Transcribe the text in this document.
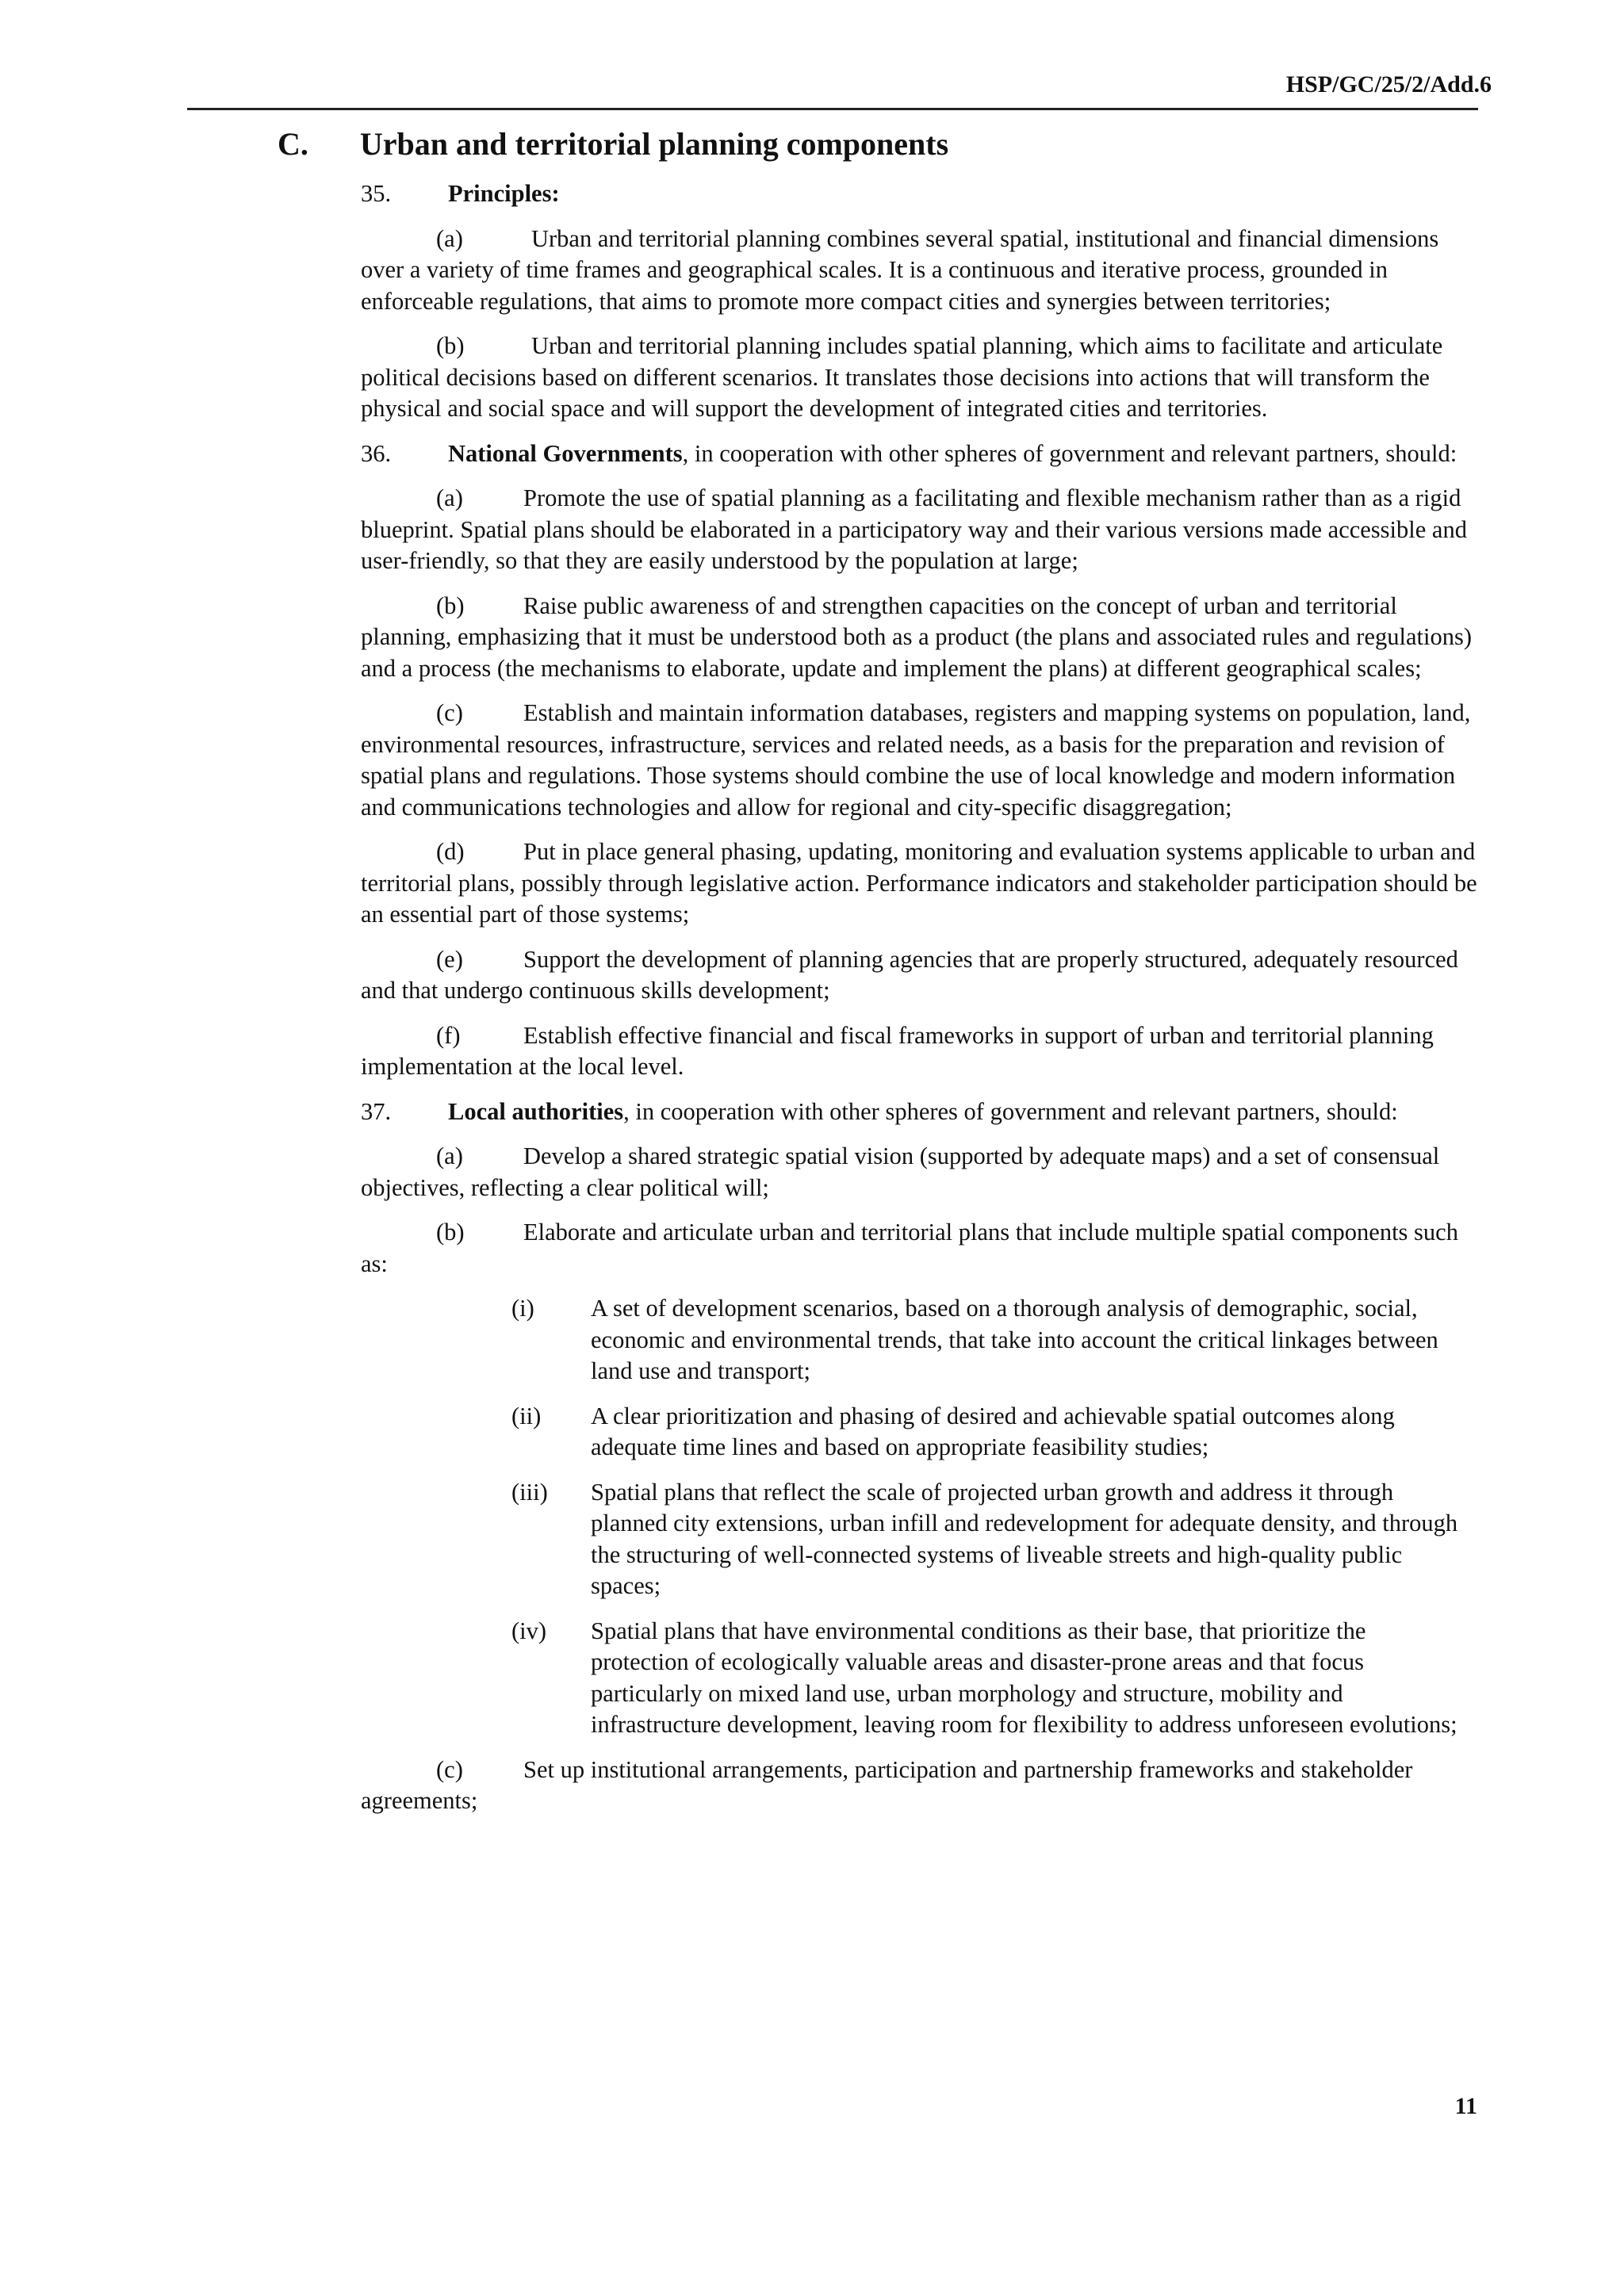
HSP/GC/25/2/Add.6
C. Urban and territorial planning components

35. Principles:

(a)	Urban and territorial planning combines several spatial, institutional and financial dimensions over a variety of time frames and geographical scales. It is a continuous and iterative process, grounded in enforceable regulations, that aims to promote more compact cities and synergies between territories;

(b)	Urban and territorial planning includes spatial planning, which aims to facilitate and articulate political decisions based on different scenarios. It translates those decisions into actions that will transform the physical and social space and will support the development of integrated cities and territories.

36. National Governments, in cooperation with other spheres of government and relevant partners, should:

(a) Promote the use of spatial planning as a facilitating and flexible mechanism rather than as a rigid blueprint. Spatial plans should be elaborated in a participatory way and their various versions made accessible and user-friendly, so that they are easily understood by the population at large;

(b) Raise public awareness of and strengthen capacities on the concept of urban and territorial planning, emphasizing that it must be understood both as a product (the plans and associated rules and regulations) and a process (the mechanisms to elaborate, update and implement the plans) at different geographical scales;

(c) Establish and maintain information databases, registers and mapping systems on population, land, environmental resources, infrastructure, services and related needs, as a basis for the preparation and revision of spatial plans and regulations. Those systems should combine the use of local knowledge and modern information and communications technologies and allow for regional and city-specific disaggregation;

(d) Put in place general phasing, updating, monitoring and evaluation systems applicable to urban and territorial plans, possibly through legislative action. Performance indicators and stakeholder participation should be an essential part of those systems;

(e) Support the development of planning agencies that are properly structured, adequately resourced and that undergo continuous skills development;

(f)	Establish effective financial and fiscal frameworks in support of urban and territorial planning implementation at the local level.

37. Local authorities, in cooperation with other spheres of government and relevant partners, should:

(a) Develop a shared strategic spatial vision (supported by adequate maps) and a set of consensual objectives, reflecting a clear political will;

(b) Elaborate and articulate urban and territorial plans that include multiple spatial components such as:

(i) A set of development scenarios, based on a thorough analysis of demographic, social, economic and environmental trends, that take into account the critical linkages between land use and transport;
(ii) A clear prioritization and phasing of desired and achievable spatial outcomes along adequate time lines and based on appropriate feasibility studies;
(iii) Spatial plans that reflect the scale of projected urban growth and address it through planned city extensions, urban infill and redevelopment for adequate density, and through the structuring of well-connected systems of liveable streets and high-quality public spaces;
(iv) Spatial plans that have environmental conditions as their base, that prioritize the protection of ecologically valuable areas and disaster-prone areas and that focus particularly on mixed land use, urban morphology and structure, mobility and infrastructure development, leaving room for flexibility to address unforeseen evolutions;

(c) Set up institutional arrangements, participation and partnership frameworks and stakeholder agreements;

11
